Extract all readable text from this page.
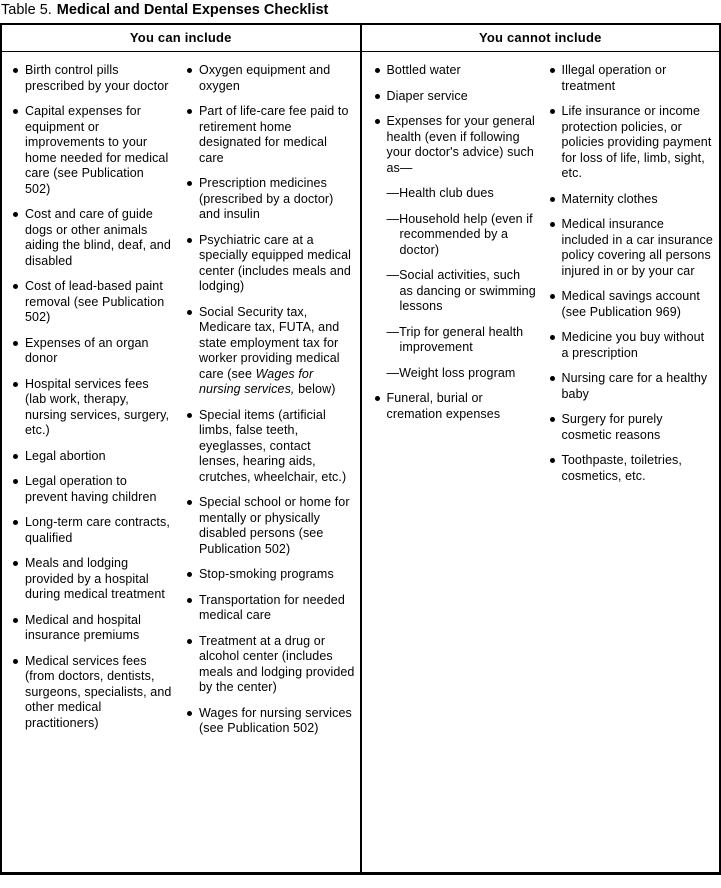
Table 5. Medical and Dental Expenses Checklist
You can include
Birth control pills prescribed by your doctor
Capital expenses for equipment or improvements to your home needed for medical care (see Publication 502)
Cost and care of guide dogs or other animals aiding the blind, deaf, and disabled
Cost of lead-based paint removal (see Publication 502)
Expenses of an organ donor
Hospital services fees (lab work, therapy, nursing services, surgery, etc.)
Legal abortion
Legal operation to prevent having children
Long-term care contracts, qualified
Meals and lodging provided by a hospital during medical treatment
Medical and hospital insurance premiums
Medical services fees (from doctors, dentists, surgeons, specialists, and other medical practitioners)
Oxygen equipment and oxygen
Part of life-care fee paid to retirement home designated for medical care
Prescription medicines (prescribed by a doctor) and insulin
Psychiatric care at a specially equipped medical center (includes meals and lodging)
Social Security tax, Medicare tax, FUTA, and state employment tax for worker providing medical care (see Wages for nursing services, below)
Special items (artificial limbs, false teeth, eyeglasses, contact lenses, hearing aids, crutches, wheelchair, etc.)
Special school or home for mentally or physically disabled persons (see Publication 502)
Stop-smoking programs
Transportation for needed medical care
Treatment at a drug or alcohol center (includes meals and lodging provided by the center)
Wages for nursing services (see Publication 502)
You cannot include
Bottled water
Diaper service
Expenses for your general health (even if following your doctor's advice) such as—
—Health club dues
—Household help (even if recommended by a doctor)
—Social activities, such as dancing or swimming lessons
—Trip for general health improvement
—Weight loss program
Funeral, burial or cremation expenses
Illegal operation or treatment
Life insurance or income protection policies, or policies providing payment for loss of life, limb, sight, etc.
Maternity clothes
Medical insurance included in a car insurance policy covering all persons injured in or by your car
Medical savings account (see Publication 969)
Medicine you buy without a prescription
Nursing care for a healthy baby
Surgery for purely cosmetic reasons
Toothpaste, toiletries, cosmetics, etc.
